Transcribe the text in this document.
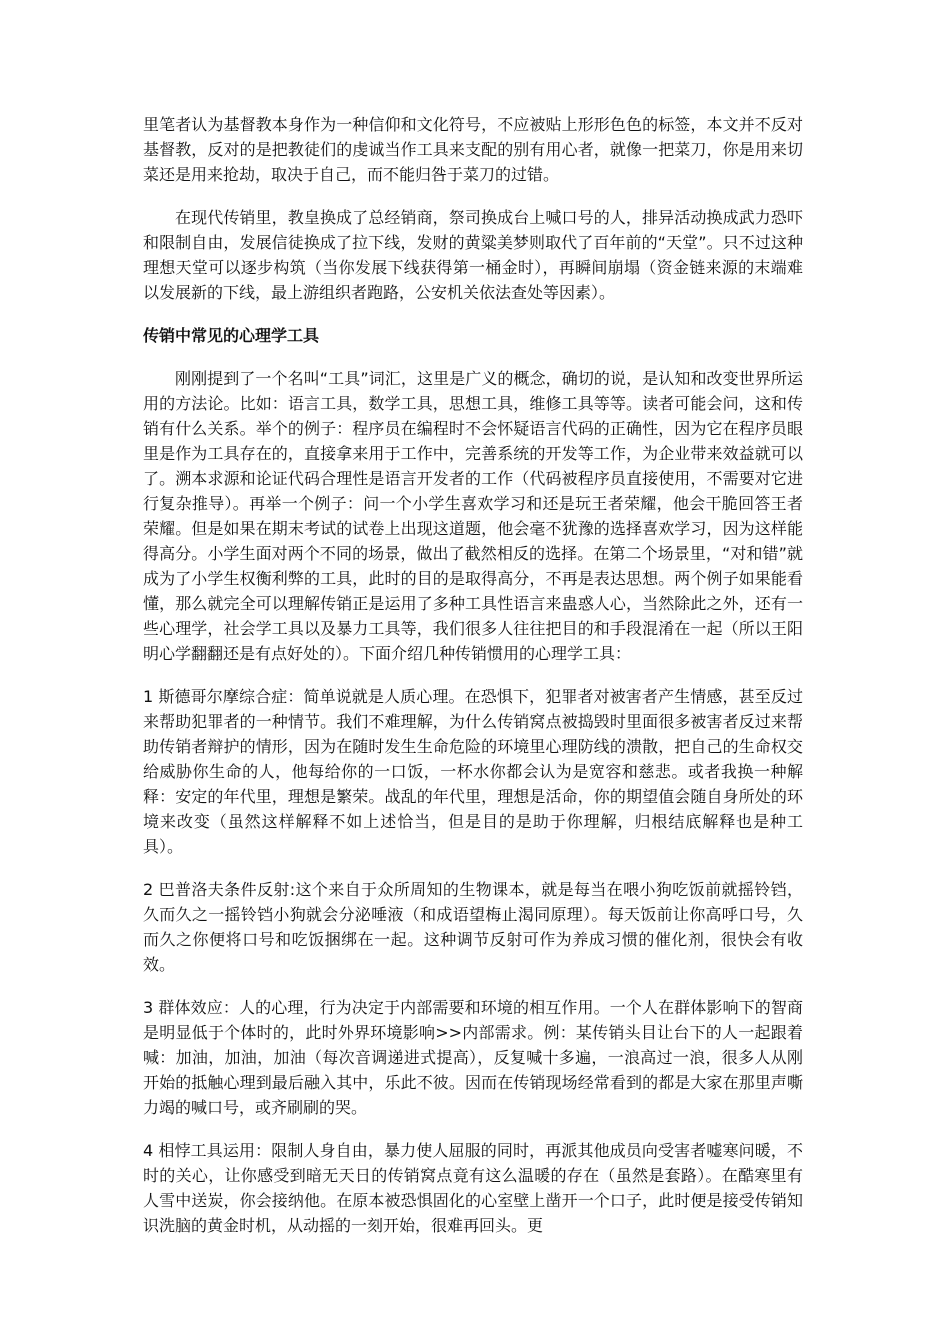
里笔者认为基督教本身作为一种信仰和文化符号，不应被贴上形形色色的标签，本文并不反对基督教，反对的是把教徒们的虔诚当作工具来支配的别有用心者，就像一把菜刀，你是用来切菜还是用来抢劫，取决于自己，而不能归咎于菜刀的过错。

在现代传销里，教皇换成了总经销商，祭司换成台上喊口号的人，排异活动换成武力恐吓和限制自由，发展信徒换成了拉下线，发财的黄粱美梦则取代了百年前的“天堂”。只不过这种理想天堂可以逐步构筑（当你发展下线获得第一桶金时），再瞬间崩塌（资金链来源的末端难以发展新的下线，最上游组织者跑路，公安机关依法查处等因素）。

传销中常见的心理学工具

刚刚提到了一个名叫“工具”词汇，这里是广义的概念，确切的说，是认知和改变世界所运用的方法论。比如：语言工具，数学工具，思想工具，维修工具等等。读者可能会问，这和传销有什么关系。举个的例子：程序员在编程时不会怀疑语言代码的正确性，因为它在程序员眼里是作为工具存在的，直接拿来用于工作中，完善系统的开发等工作，为企业带来效益就可以了。溯本求源和论证代码合理性是语言开发者的工作（代码被程序员直接使用，不需要对它进行复杂推导）。再举一个例子：问一个小学生喜欢学习和还是玩王者荣耀，他会干脆回答王者荣耀。但是如果在期末考试的试卷上出现这道题，他会毫不犹豫的选择喜欢学习，因为这样能得高分。小学生面对两个不同的场景，做出了截然相反的选择。在第二个场景里，“对和错”就成为了小学生权衡利弊的工具，此时的目的是取得高分，不再是表达思想。两个例子如果能看懂，那么就完全可以理解传销正是运用了多种工具性语言来蛊惑人心，当然除此之外，还有一些心理学，社会学工具以及暴力工具等，我们很多人往往把目的和手段混淆在一起（所以王阳明心学翻翻还是有点好处的）。下面介绍几种传销惯用的心理学工具：

1 斯德哥尔摩综合症：简单说就是人质心理。在恐惧下，犯罪者对被害者产生情感，甚至反过来帮助犯罪者的一种情节。我们不难理解，为什么传销窝点被捣毁时里面很多被害者反过来帮助传销者辩护的情形，因为在随时发生生命危险的环境里心理防线的溃散，把自己的生命权交给威胁你生命的人，他每给你的一口饭，一杯水你都会认为是宽容和慈悲。或者我换一种解释：安定的年代里，理想是繁荣。战乱的年代里，理想是活命，你的期望值会随自身所处的环境来改变（虽然这样解释不如上述恰当，但是目的是助于你理解，归根结底解释也是种工具）。

2 巴普洛夫条件反射:这个来自于众所周知的生物课本，就是每当在喂小狗吃饭前就摇铃铛，久而久之一摇铃铛小狗就会分泌唾液（和成语望梅止渴同原理）。每天饭前让你高呼口号，久而久之你便将口号和吃饭捆绑在一起。这种调节反射可作为养成习惯的催化剂，很快会有收效。

3 群体效应：人的心理，行为决定于内部需要和环境的相互作用。一个人在群体影响下的智商是明显低于个体时的，此时外界环境影响>>内部需求。例：某传销头目让台下的人一起跟着喊：加油，加油，加油（每次音调递进式提高），反复喊十多遍，一浪高过一浪，很多人从刚开始的抵触心理到最后融入其中，乐此不彼。因而在传销现场经常看到的都是大家在那里声嘶力竭的喊口号，或齐刷刷的哭。

4 相悖工具运用：限制人身自由，暴力使人屈服的同时，再派其他成员向受害者嘘寒问暖，不时的关心，让你感受到暗无天日的传销窝点竟有这么温暖的存在（虽然是套路）。在酷寒里有人雪中送炭，你会接纳他。在原本被恐惧固化的心室壁上凿开一个口子，此时便是接受传销知识洗脑的黄金时机，从动摇的一刻开始，很难再回头。更
